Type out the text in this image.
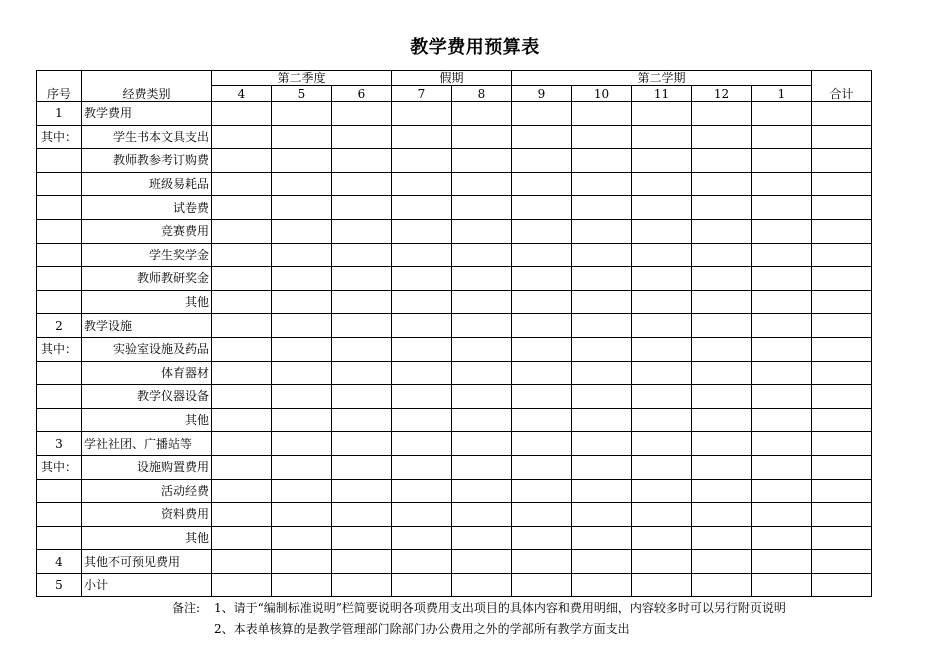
教学费用预算表
序号	经费类别	第二季度			假期		第二学期					合计
		4	5	6	7	8	9	10	11	12	1	
1	教学费用											
其中：	学生书本文具支出											
	教师教参考订购费											
	班级易耗品											
	试卷费											
	竞赛费用											
	学生奖学金											
	教师教研奖金											
	其他											
2	教学设施											
其中：	实验室设施及药品											
	体育器材											
	教学仪器设备											
	其他											
3	学社社团、广播站等											
其中：	设施购置费用											
	活动经费											
	资料费用											
	其他											
4	其他不可预见费用											
5	小计											
备注:	1、请于“编制标准说明”栏简要说明各项费用支出项目的具体内容和费用明细，内容较多时可以另行附页说明
2、本表单核算的是教学管理部门除部门办公费用之外的学部所有教学方面支出
